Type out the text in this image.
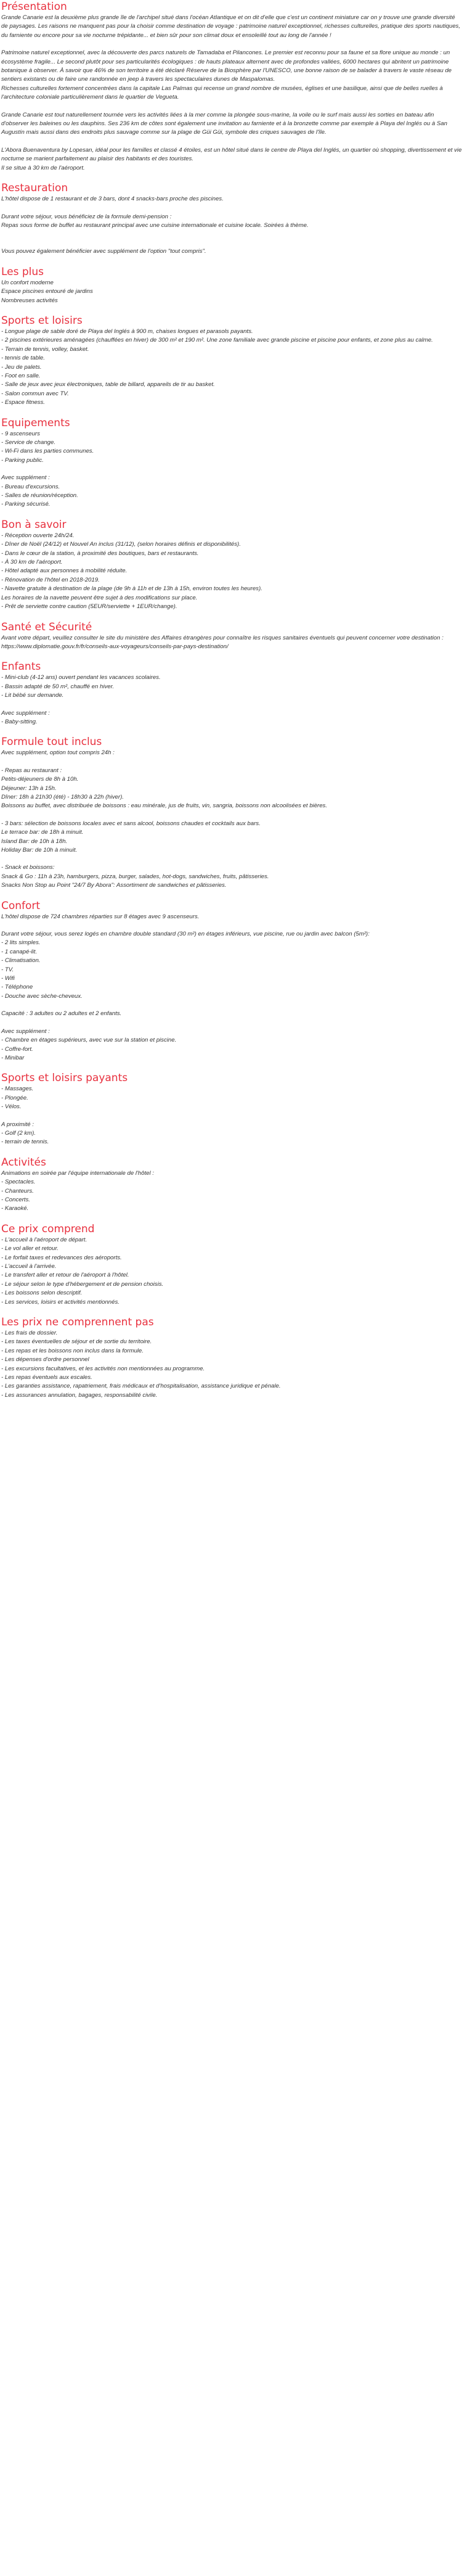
Présentation

Grande Canarie est la deuxième plus grande île de l'archipel situé dans l'océan Atlantique et on dit d'elle que c'est un continent miniature car on y trouve une grande diversité de paysages. Les raisons ne manquent pas pour la choisir comme destination de voyage : patrimoine naturel exceptionnel, richesses culturelles, pratique des sports nautiques, du farniente ou encore pour sa vie nocturne trépidante... et bien sûr pour son climat doux et ensoleillé tout au long de l'année !

Patrimoine naturel exceptionnel, avec la découverte des parcs naturels de Tamadaba et Pilancones. Le premier est reconnu pour sa faune et sa flore unique au monde : un écosystème fragile... Le second plutôt pour ses particularités écologiques : de hauts plateaux alternent avec de profondes vallées, 6000 hectares qui abritent un patrimoine botanique à observer. À savoir que 46% de son territoire a été déclaré Réserve de la Biosphère par l'UNESCO, une bonne raison de se balader à travers le vaste réseau de sentiers existants ou de faire une randonnée en jeep à travers les spectaculaires dunes de Maspalomas.

Richesses culturelles fortement concentrées dans la capitale Las Palmas qui recense un grand nombre de musées, églises et une basilique, ainsi que de belles ruelles à l'architecture coloniale particulièrement dans le quartier de Vegueta.

Grande Canarie est tout naturellement tournée vers les activités liées à la mer comme la plongée sous-marine, la voile ou le surf mais aussi les sorties en bateau afin d'observer les baleines ou les dauphins. Ses 236 km de côtes sont également une invitation au farniente et à la bronzette comme par exemple à Playa del Inglés ou à San Augustín mais aussi dans des endroits plus sauvage comme sur la plage de Güi Güi, symbole des criques sauvages de l'île.

L'Abora Buenaventura by Lopesan, idéal pour les familles et classé 4 étoiles, est un hôtel situé dans le centre de Playa del Inglés, un quartier où shopping, divertissement et vie nocturne se marient parfaitement au plaisir des habitants et des touristes.

Il se situe à 30 km de l'aéroport.

Restauration

L'hôtel dispose de 1 restaurant et de 3 bars, dont 4 snacks-bars proche des piscines.

Durant votre séjour, vous bénéficiez de la formule demi-pension :

Repas sous forme de buffet au restaurant principal avec une cuisine internationale et cuisine locale. Soirées à thème.

Vous pouvez également bénéficier avec supplément de l'option "tout compris".

Les plus

Un confort moderne

Espace piscines entouré de jardins

Nombreuses activités

Sports et loisirs

- Longue plage de sable doré de Playa del Inglés à 900 m, chaises longues et parasols payants.

- 2 piscines extérieures aménagées (chauffées en hiver) de 300 m² et 190 m². Une zone familiale avec grande piscine et piscine pour enfants, et zone plus au calme.

- Terrain de tennis, volley, basket.

- tennis de table.

- Jeu de palets.

- Foot en salle.

- Salle de jeux avec jeux électroniques, table de billard, appareils de tir au basket.

- Salon commun avec TV.

- Espace fitness.

Equipements

- 9 ascenseurs

- Service de change.

- Wi-Fi dans les parties communes.

- Parking public.

Avec supplément :

- Bureau d'excursions.

- Salles de réunion/réception.

- Parking sécurisé.

Bon à savoir

- Réception ouverte 24h/24.

- Dîner de Noël (24/12) et Nouvel An inclus (31/12), (selon horaires définis et disponibilités).

- Dans le cœur de la station, à proximité des boutiques, bars et restaurants.

- À 30 km de l'aéroport.

- Hôtel adapté aux personnes à mobilité réduite.

- Rénovation de l'hôtel en 2018-2019.

- Navette gratuite à destination de la plage (de 9h à 11h et de 13h à 15h, environ toutes les heures).

Les horaires de la navette peuvent être sujet à des modifications sur place.

- Prêt de serviette contre caution (5EUR/serviette + 1EUR/change).

Santé et Sécurité

Avant votre départ, veuillez consulter le site du ministère des Affaires étrangères pour connaître les risques sanitaires éventuels qui peuvent concerner votre destination : https://www.diplomatie.gouv.fr/fr/conseils-aux-voyageurs/conseils-par-pays-destination/

Enfants

- Mini-club (4-12 ans) ouvert pendant les vacances scolaires.

- Bassin adapté de 50 m², chauffé en hiver.

- Lit bébé sur demande.

Avec supplément :

- Baby-sitting.

Formule tout inclus

Avec supplément, option tout compris 24h :

- Repas au restaurant :

Petits-déjeuners de 8h à 10h.

Déjeuner: 13h à 15h.

Dîner: 18h à 21h30 (été) - 18h30 à 22h (hiver).

Boissons au buffet, avec distribuée de boissons : eau minérale, jus de fruits, vin, sangria, boissons non alcoolisées et bières.

- 3 bars: sélection de boissons locales avec et sans alcool, boissons chaudes et cocktails aux bars.

Le terrace bar: de 18h à minuit.

Island Bar: de 10h à 18h.

Holiday Bar: de 10h à minuit.

- Snack et boissons:

Snack & Go : 11h à 23h, hamburgers, pizza, burger, salades, hot-dogs, sandwiches, fruits, pâtisseries.

Snacks Non Stop au Point "24/7 By Abora": Assortiment de sandwiches et pâtisseries.

Confort

L'hôtel dispose de 724 chambres réparties sur 8 étages avec 9 ascenseurs.

Durant votre séjour, vous serez logés en chambre double standard (30 m²) en étages inférieurs, vue piscine, rue ou jardin avec balcon (5m²):

- 2 lits simples.

- 1 canapé-lit.

- Climatisation.

- TV.

- Wifi

- Téléphone

- Douche avec sèche-cheveux.

Capacité : 3 adultes ou 2 adultes et 2 enfants.

Avec supplément :

- Chambre en étages supérieurs, avec vue sur la station et piscine.

- Coffre-fort.

- Minibar

Sports et loisirs payants

- Massages.

- Plongée.

- Vélos.

A proximité :

- Golf (2 km).

- terrain de tennis.

Activités

Animations en soirée par l'équipe internationale de l'hôtel :

- Spectacles.

- Chanteurs.

- Concerts.

- Karaoké.

Ce prix comprend

- L'accueil à l'aéroport de départ.

- Le vol aller et retour.

- Le forfait taxes et redevances des aéroports.

- L'accueil à l'arrivée.

- Le transfert aller et retour de l'aéroport à l'hôtel.

- Le séjour selon le type d'hébergement et de pension choisis.

- Les boissons selon descriptif.

- Les services, loisirs et activités mentionnés.

Les prix ne comprennent pas

- Les frais de dossier.

- Les taxes éventuelles de séjour et de sortie du territoire.

- Les repas et les boissons non inclus dans la formule.

- Les dépenses d'ordre personnel

- Les excursions facultatives, et les activités non mentionnées au programme.

- Les repas éventuels aux escales.

- Les garanties assistance, rapatriement, frais médicaux et d'hospitalisation, assistance juridique et pénale.

- Les assurances annulation, bagages, responsabilité civile.
